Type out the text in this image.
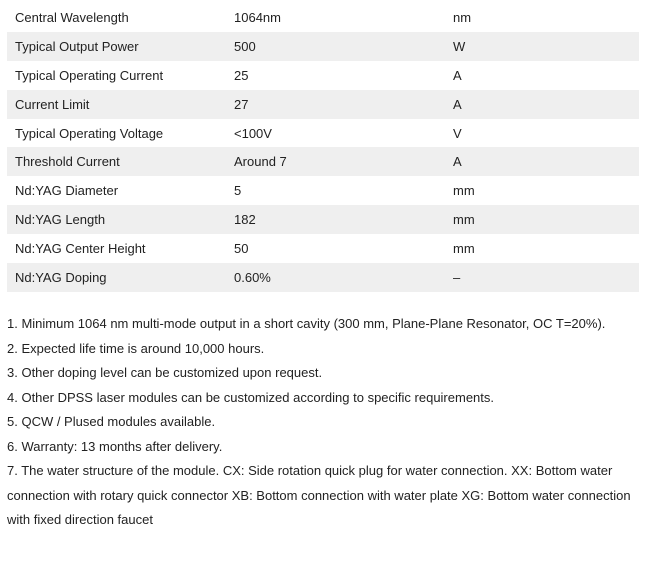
Central Wavelength	1064nm	nm
Typical Output Power	500	W
Typical Operating Current	25	A
Current Limit	27	A
Typical Operating Voltage	<100V	V
Threshold Current	Around 7	A
Nd:YAG Diameter	5	mm
Nd:YAG Length	182	mm
Nd:YAG Center Height	50	mm
Nd:YAG Doping	0.60%	–

1. Minimum 1064 nm multi-mode output in a short cavity (300 mm, Plane-Plane Resonator, OC T=20%).

2. Expected life time is around 10,000 hours.

3. Other doping level can be customized upon request.

4. Other DPSS laser modules can be customized according to specific requirements.

5. QCW / Plused modules available.

6. Warranty: 13 months after delivery.

7. The water structure of the module. CX: Side rotation quick plug for water connection. XX: Bottom water connection with rotary quick connector XB: Bottom connection with water plate XG: Bottom water connection with fixed direction faucet
